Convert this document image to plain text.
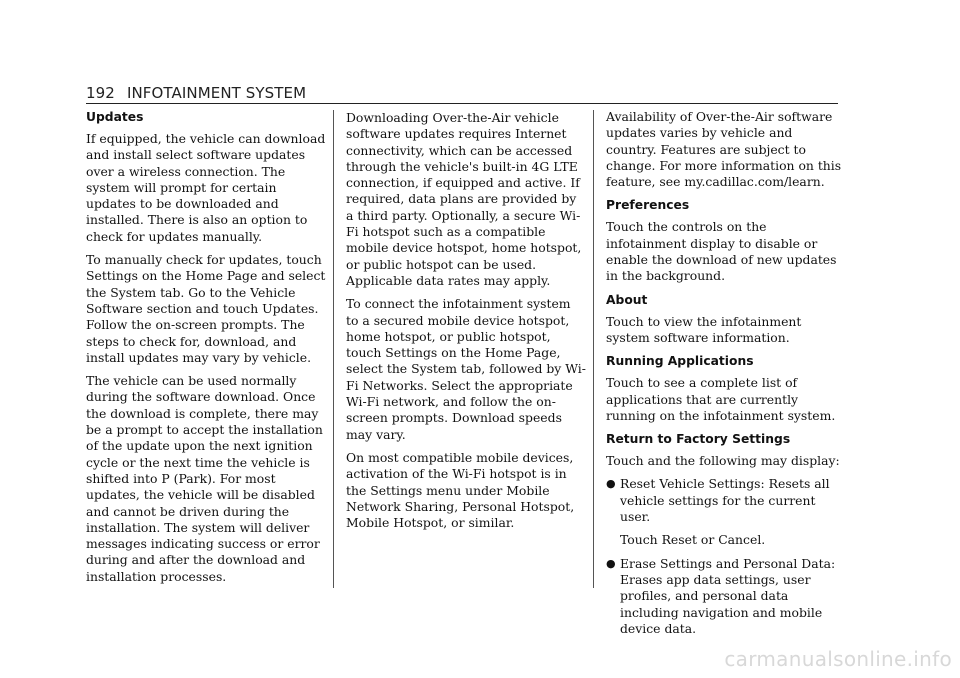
192 INFOTAINMENT SYSTEM
Updates

If equipped, the vehicle can download and install select software updates over a wireless connection. The system will prompt for certain updates to be downloaded and installed. There is also an option to check for updates manually.

To manually check for updates, touch Settings on the Home Page and select the System tab. Go to the Vehicle Software section and touch Updates. Follow the on-screen prompts. The steps to check for, download, and install updates may vary by vehicle.

The vehicle can be used normally during the software download. Once the download is complete, there may be a prompt to accept the installation of the update upon the next ignition cycle or the next time the vehicle is shifted into P (Park). For most updates, the vehicle will be disabled and cannot be driven during the installation. The system will deliver messages indicating success or error during and after the download and installation processes.

Downloading Over-the-Air vehicle software updates requires Internet connectivity, which can be accessed through the vehicle's built-in 4G LTE connection, if equipped and active. If required, data plans are provided by a third party. Optionally, a secure Wi-Fi hotspot such as a compatible mobile device hotspot, home hotspot, or public hotspot can be used. Applicable data rates may apply.

To connect the infotainment system to a secured mobile device hotspot, home hotspot, or public hotspot, touch Settings on the Home Page, select the System tab, followed by Wi-Fi Networks. Select the appropriate Wi-Fi network, and follow the on-screen prompts. Download speeds may vary.

On most compatible mobile devices, activation of the Wi-Fi hotspot is in the Settings menu under Mobile Network Sharing, Personal Hotspot, Mobile Hotspot, or similar.

Availability of Over-the-Air software updates varies by vehicle and country. Features are subject to change. For more information on this feature, see my.cadillac.com/learn.

Preferences

Touch the controls on the infotainment display to disable or enable the download of new updates in the background.

About

Touch to view the infotainment system software information.

Running Applications

Touch to see a complete list of applications that are currently running on the infotainment system.

Return to Factory Settings

Touch and the following may display:

● Reset Vehicle Settings: Resets all vehicle settings for the current user.

Touch Reset or Cancel.

● Erase Settings and Personal Data: Erases app data settings, user profiles, and personal data including navigation and mobile device data.
carmanualsonline.info
